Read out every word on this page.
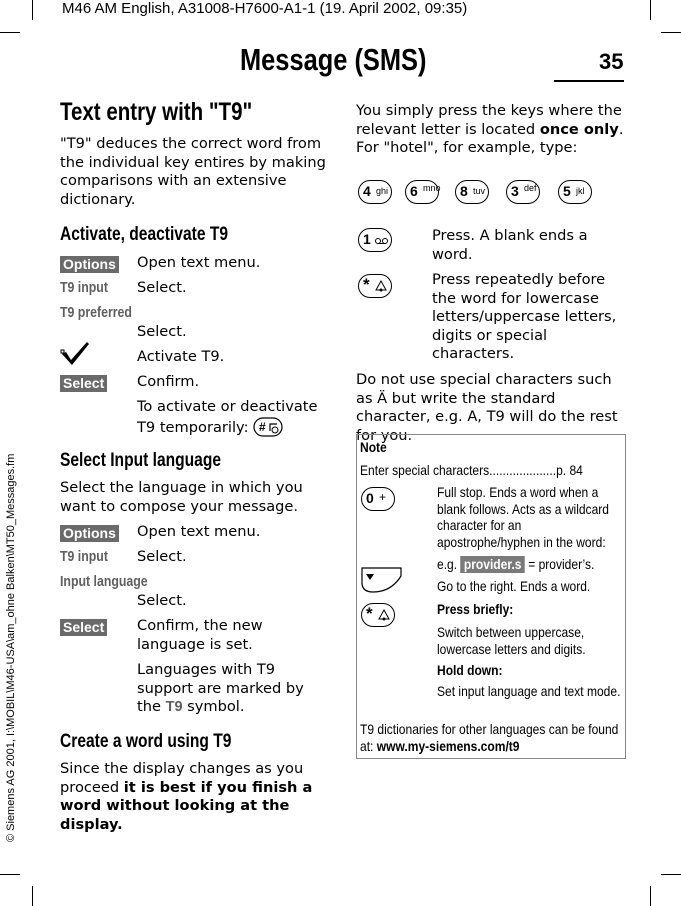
M46 AM English, A31008-H7600-A1-1 (19. April 2002, 09:35)
© Siemens AG 2001, I:\MOBIL\M46-USA\am_ohne Balken\MT50_Messages.fm
Message (SMS)	35
Text entry with "T9"
"T9" deduces the correct word from the individual key entires by making comparisons with an extensive dictionary.
Activate, deactivate T9
Options Open text menu.
T9 input Select.
T9 preferred
Select.
Activate T9.
Select Confirm.
To activate or deactivate T9 temporarily: #
Select Input language
Select the language in which you want to compose your message.
Options Open text menu.
T9 input Select.
Input language
Select.
Select Confirm, the new language is set.
Languages with T9 support are marked by the T9 symbol.
Create a word using T9
Since the display changes as you proceed it is best if you finish a word without looking at the display.
You simply press the keys where the relevant letter is located once only. For "hotel", for example, type:
4 ghi 6 mno 8 tuv 3 def 5 jkl
1	Press. A blank ends a word.
*	Press repeatedly before the word for lowercase letters/uppercase letters, digits or special characters.
Do not use special characters such as Ä but write the standard character, e.g. A, T9 will do the rest for you.
Note
Enter special characters....................p. 84
0 +	Full stop. Ends a word when a blank follows. Acts as a wildcard character for an apostrophe/hyphen in the word:
e.g. provider.s = provider’s.
Go to the right. Ends a word.
*	Press briefly:
Switch between uppercase, lowercase letters and digits.
Hold down:
Set input language and text mode.
T9 dictionaries for other languages can be found at: www.my-siemens.com/t9
